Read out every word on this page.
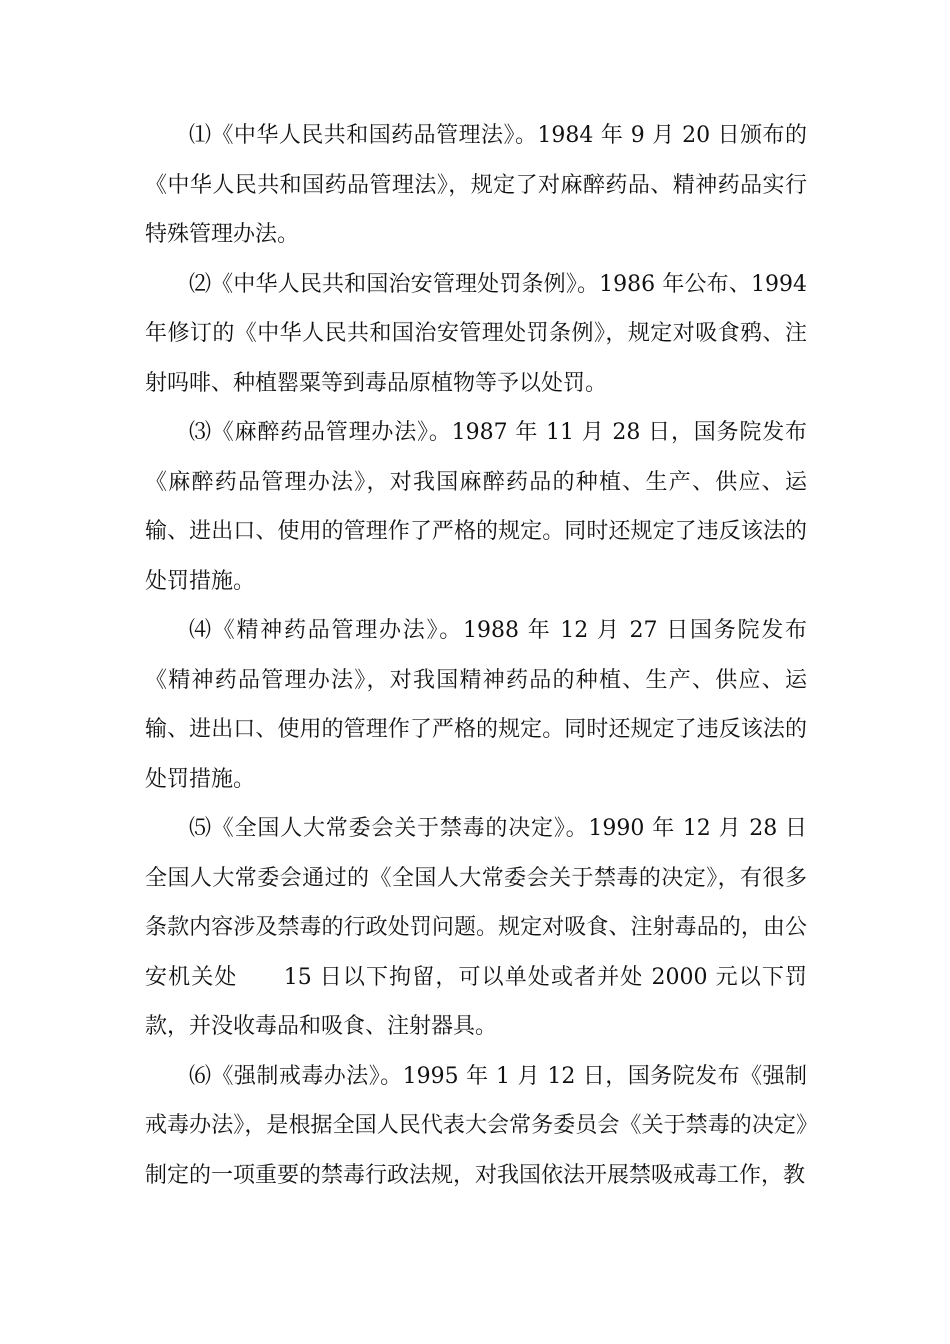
⑴《中华人民共和国药品管理法》。1984 年 9 月 20 日颁布的《中华人民共和国药品管理法》，规定了对麻醉药品、精神药品实行特殊管理办法。

⑵《中华人民共和国治安管理处罚条例》。1986 年公布、1994 年修订的《中华人民共和国治安管理处罚条例》，规定对吸食鸦、注射吗啡、种植罂粟等到毒品原植物等予以处罚。

⑶《麻醉药品管理办法》。1987 年 11 月 28 日，国务院发布《麻醉药品管理办法》，对我国麻醉药品的种植、生产、供应、运输、进出口、使用的管理作了严格的规定。同时还规定了违反该法的处罚措施。

⑷《精神药品管理办法》。1988 年 12 月 27 日国务院发布《精神药品管理办法》，对我国精神药品的种植、生产、供应、运输、进出口、使用的管理作了严格的规定。同时还规定了违反该法的处罚措施。

⑸《全国人大常委会关于禁毒的决定》。1990 年 12 月 28 日全国人大常委会通过的《全国人大常委会关于禁毒的决定》，有很多条款内容涉及禁毒的行政处罚问题。规定对吸食、注射毒品的，由公安机关处　　15 日以下拘留，可以单处或者并处 2000 元以下罚款，并没收毒品和吸食、注射器具。

⑹《强制戒毒办法》。1995 年 1 月 12 日，国务院发布《强制戒毒办法》，是根据全国人民代表大会常务委员会《关于禁毒的决定》制定的一项重要的禁毒行政法规，对我国依法开展禁吸戒毒工作，教
